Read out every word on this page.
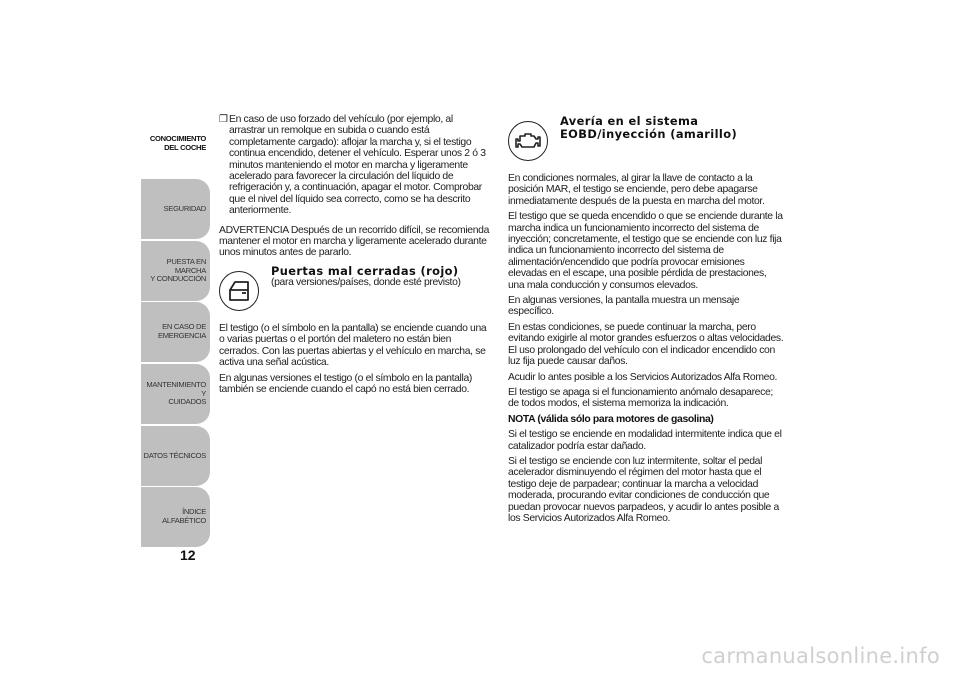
CONOCIMIENTO
DEL COCHE
SEGURIDAD
PUESTA EN MARCHA
Y CONDUCCIÓN
EN CASO DE
EMERGENCIA
MANTENIMIENTO Y
CUIDADOS
DATOS TÉCNICOS
ÍNDICE ALFABÉTICO
12
❒ En caso de uso forzado del vehículo (por ejemplo, al arrastrar un remolque en subida o cuando está completamente cargado): aflojar la marcha y, si el testigo continua encendido, detener el vehículo. Esperar unos 2 ó 3 minutos manteniendo el motor en marcha y ligeramente acelerado para favorecer la circulación del líquido de refrigeración y, a continuación, apagar el motor. Comprobar que el nivel del líquido sea correcto, como se ha descrito anteriormente.

ADVERTENCIA Después de un recorrido difícil, se recomienda mantener el motor en marcha y ligeramente acelerado durante unos minutos antes de pararlo.

Puertas mal cerradas (rojo)
(para versiones/países, donde esté previsto)

El testigo (o el símbolo en la pantalla) se enciende cuando una o varias puertas o el portón del maletero no están bien cerrados. Con las puertas abiertas y el vehículo en marcha, se activa una señal acústica.

En algunas versiones el testigo (o el símbolo en la pantalla) también se enciende cuando el capó no está bien cerrado.

Avería en el sistema
EOBD/inyección (amarillo)

En condiciones normales, al girar la llave de contacto a la posición MAR, el testigo se enciende, pero debe apagarse inmediatamente después de la puesta en marcha del motor.

El testigo que se queda encendido o que se enciende durante la marcha indica un funcionamiento incorrecto del sistema de inyección; concretamente, el testigo que se enciende con luz fija indica un funcionamiento incorrecto del sistema de alimentación/encendido que podría provocar emisiones elevadas en el escape, una posible pérdida de prestaciones, una mala conducción y consumos elevados.

En algunas versiones, la pantalla muestra un mensaje específico.

En estas condiciones, se puede continuar la marcha, pero evitando exigirle al motor grandes esfuerzos o altas velocidades. El uso prolongado del vehículo con el indicador encendido con luz fija puede causar daños.

Acudir lo antes posible a los Servicios Autorizados Alfa Romeo.

El testigo se apaga si el funcionamiento anómalo desaparece; de todos modos, el sistema memoriza la indicación.

NOTA (válida sólo para motores de gasolina)

Si el testigo se enciende en modalidad intermitente indica que el catalizador podría estar dañado.

Si el testigo se enciende con luz intermitente, soltar el pedal acelerador disminuyendo el régimen del motor hasta que el testigo deje de parpadear; continuar la marcha a velocidad moderada, procurando evitar condiciones de conducción que puedan provocar nuevos parpadeos, y acudir lo antes posible a los Servicios Autorizados Alfa Romeo.

carmanualsonline.info
